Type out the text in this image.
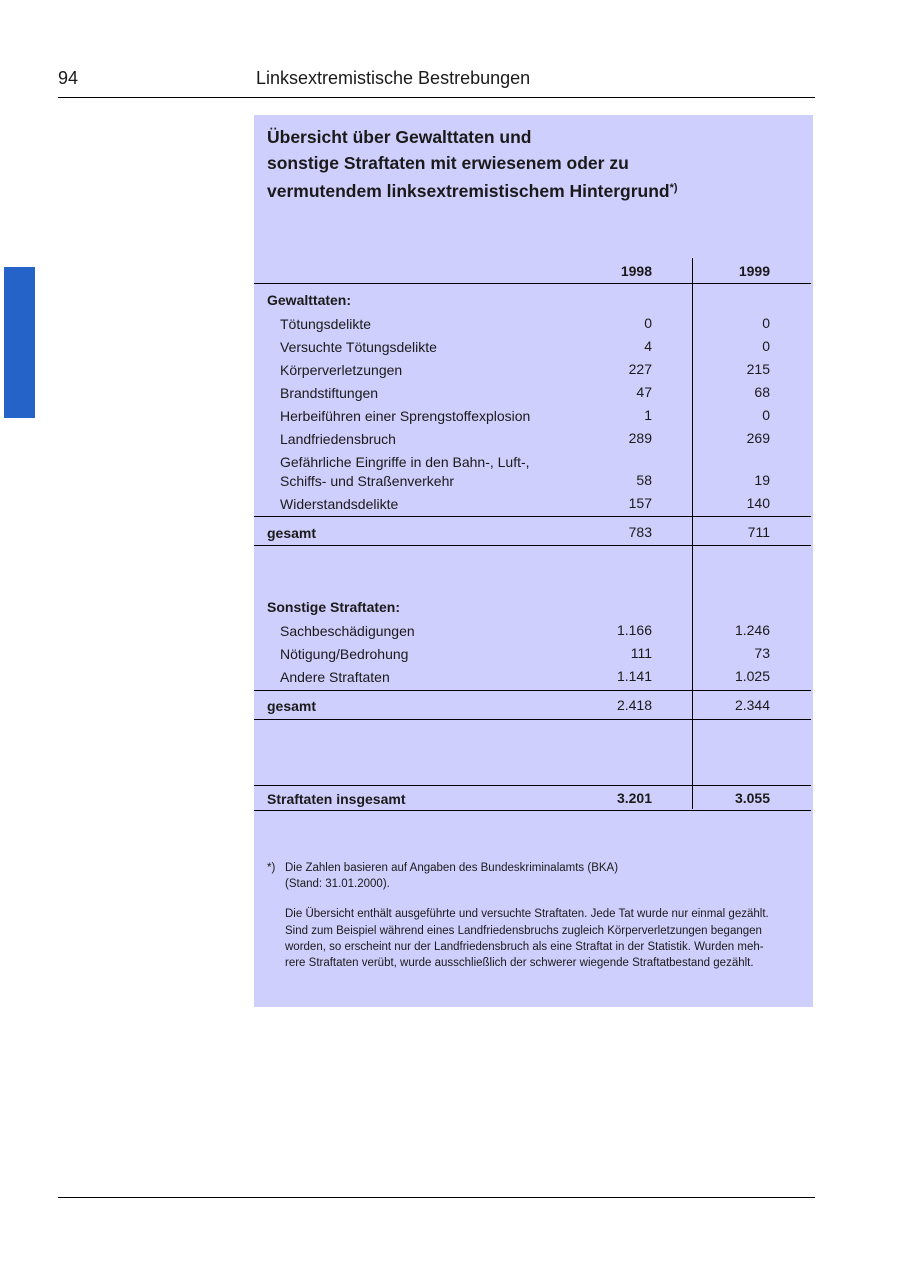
94	Linksextremistische Bestrebungen
Übersicht über Gewalttaten und
sonstige Straftaten mit erwiesenem oder zu
vermutendem linksextremistischem Hintergrund*)
1998	1999
Gewalttaten:
Tötungsdelikte	0	0
Versuchte Tötungsdelikte	4	0
Körperverletzungen	227	215
Brandstiftungen	47	68
Herbeiführen einer Sprengstoffexplosion	1	0
Landfriedensbruch	289	269
Gefährliche Eingriffe in den Bahn-, Luft-,
Schiffs- und Straßenverkehr	58	19
Widerstandsdelikte	157	140
gesamt	783	711
Sonstige Straftaten:
Sachbeschädigungen	1.166	1.246
Nötigung/Bedrohung	111	73
Andere Straftaten	1.141	1.025
gesamt	2.418	2.344
Straftaten insgesamt	3.201	3.055
*) Die Zahlen basieren auf Angaben des Bundeskriminalamts (BKA)
(Stand: 31.01.2000).
Die Übersicht enthält ausgeführte und versuchte Straftaten. Jede Tat wurde nur einmal gezählt.
Sind zum Beispiel während eines Landfriedensbruchs zugleich Körperverletzungen begangen
worden, so erscheint nur der Landfriedensbruch als eine Straftat in der Statistik. Wurden meh-
rere Straftaten verübt, wurde ausschließlich der schwerer wiegende Straftatbestand gezählt.
